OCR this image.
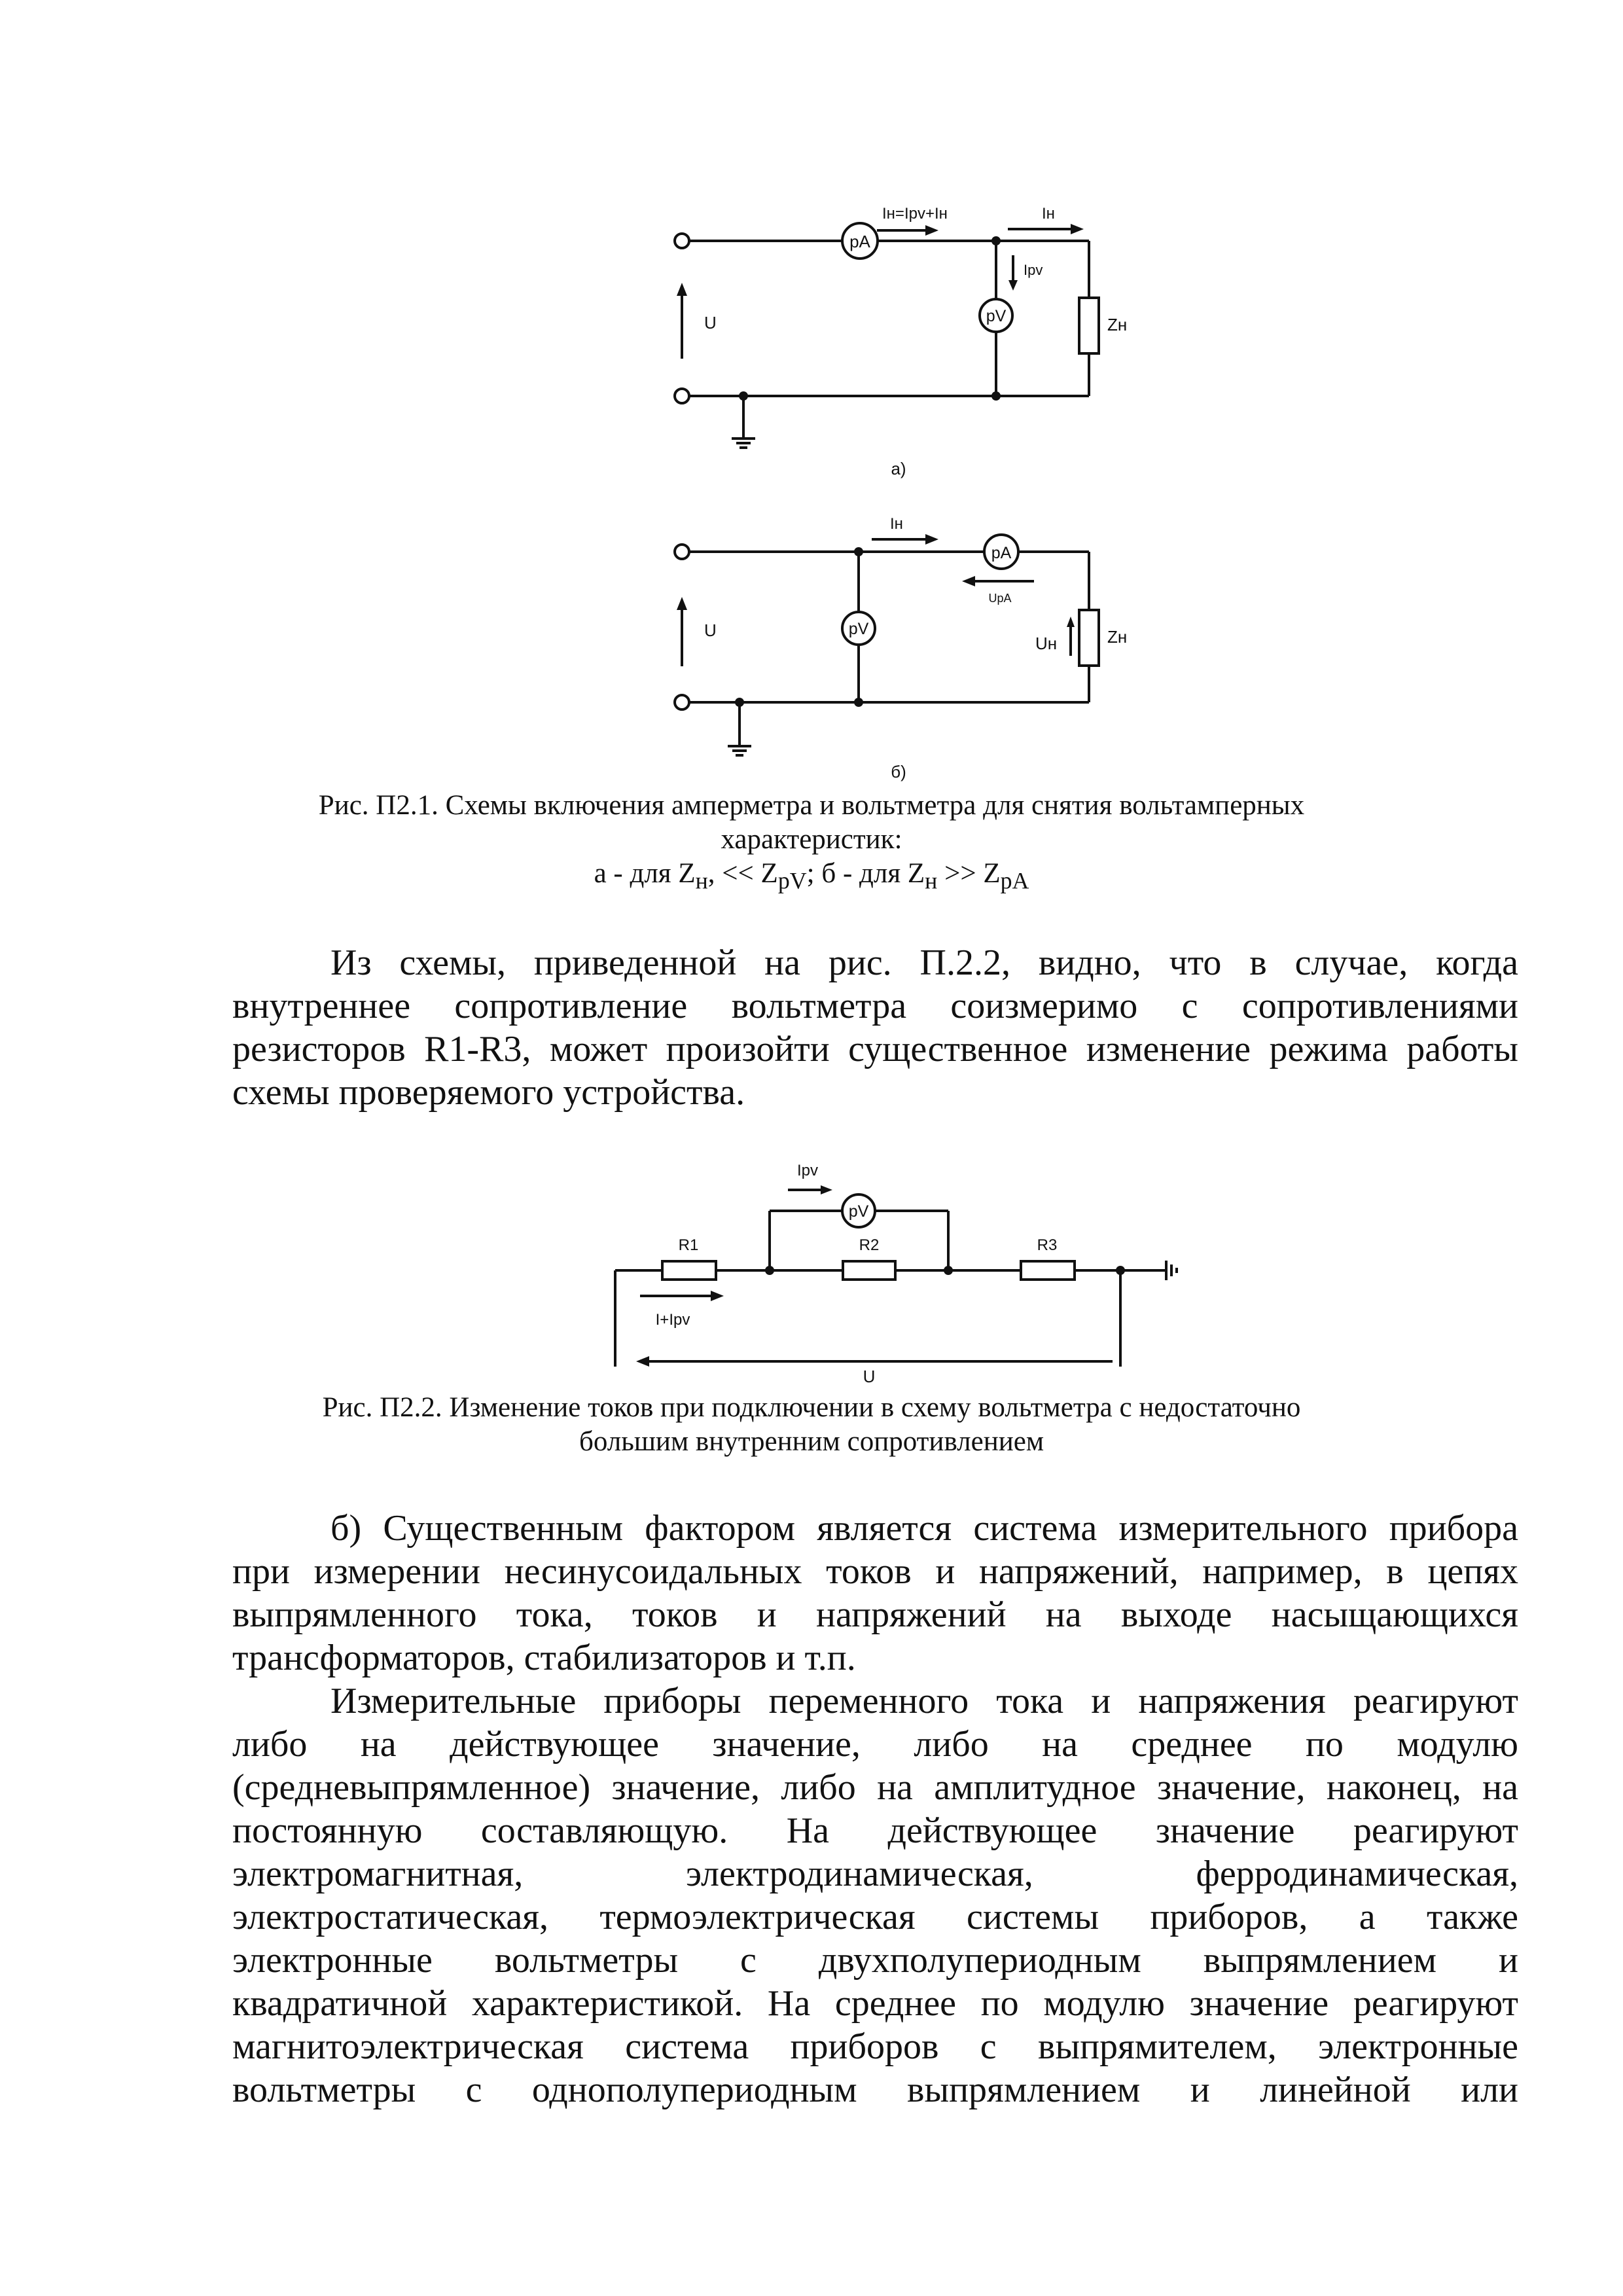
pA
pV
U
Iн=Ipv+Iн	Iн
Ipv
Zн
а)
pA
pV
U
Iн
UpA
Uн	Zн
б)
Рис. П2.1. Схемы включения амперметра и вольтметра для снятия вольтамперных
характеристик:
а - для $Z_н$, << $Z_{pV}$; б - для $Z_н >> Z_{pA}$
Из схемы, приведенной на рис. П.2.2, видно, что в случае, когда
внутреннее сопротивление вольтметра соизмеримо с сопротивлениями
резисторов R1-R3, может произойти существенное изменение режима работы
схемы проверяемого устройства.
pV
Ipv
R1	R2	R3
I+Ipv
U
Рис. П2.2. Изменение токов при подключении в схему вольтметра с недостаточно
большим внутренним сопротивлением
б) Существенным фактором является система измерительного прибора
при измерении несинусоидальных токов и напряжений, например, в цепях
выпрямленного тока, токов и напряжений на выходе насыщающихся
трансформаторов, стабилизаторов и т.п.
Измерительные приборы переменного тока и напряжения реагируют
либо на действующее значение, либо на среднее по модулю
(средневыпрямленное) значение, либо на амплитудное значение, наконец, на
постоянную составляющую. На действующее значение реагируют
электромагнитная, электродинамическая, ферродинамическая,
электростатическая, термоэлектрическая системы приборов, а также
электронные вольтметры с двухполупериодным выпрямлением и
квадратичной характеристикой. На среднее по модулю значение реагируют
магнитоэлектрическая система приборов с выпрямителем, электронные
вольтметры с однополупериодным выпрямлением и линейной или
